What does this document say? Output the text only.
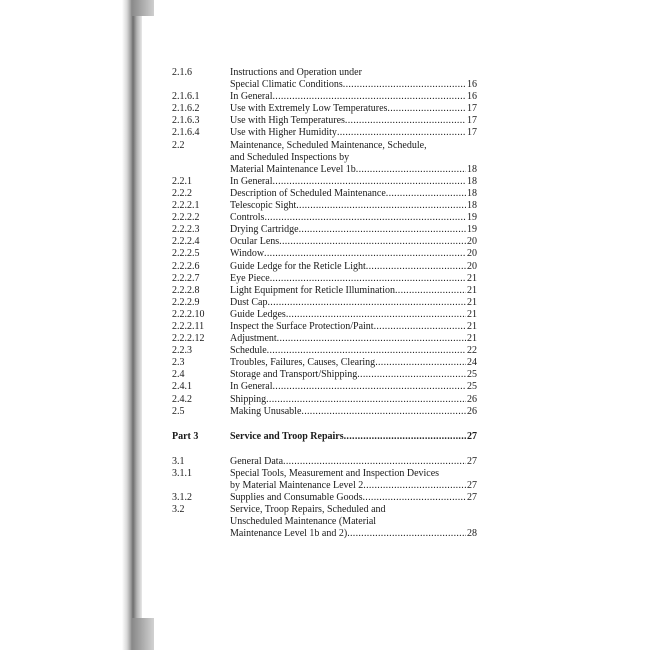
2.1.6	Instructions and Operation under
Special Climatic Conditions .....	16
2.1.6.1	In General .....	16
2.1.6.2	Use with Extremely Low Temperatures .....	17
2.1.6.3	Use with High Temperatures .....	17
2.1.6.4	Use with Higher Humidity .....	17
2.2	Maintenance, Scheduled Maintenance, Schedule,
and Scheduled Inspections by
Material Maintenance Level 1b .....	18
2.2.1	In General .....	18
2.2.2	Description of Scheduled Maintenance .....	18
2.2.2.1	Telescopic Sight .....	18
2.2.2.2	Controls .....	19
2.2.2.3	Drying Cartridge .....	19
2.2.2.4	Ocular Lens .....	20
2.2.2.5	Window .....	20
2.2.2.6	Guide Ledge for the Reticle Light .....	20
2.2.2.7	Eye Piece .....	21
2.2.2.8	Light Equipment for Reticle Illumination .....	21
2.2.2.9	Dust Cap .....	21
2.2.2.10	Guide Ledges .....	21
2.2.2.11	Inspect the Surface Protection/Paint .....	21
2.2.2.12	Adjustment .....	21
2.2.3	Schedule .....	22
2.3	Troubles, Failures, Causes, Clearing .....	24
2.4	Storage and Transport/Shipping .....	25
2.4.1	In General .....	25
2.4.2	Shipping .....	26
2.5	Making Unusable .....	26
Part 3	Service and Troop Repairs .....	27
3.1	General Data .....	27
3.1.1	Special Tools, Measurement and Inspection Devices
by Material Maintenance Level 2 .....	27
3.1.2	Supplies and Consumable Goods .....	27
3.2	Service, Troop Repairs, Scheduled and
Unscheduled Maintenance (Material
Maintenance Level 1b and 2) .....	28
